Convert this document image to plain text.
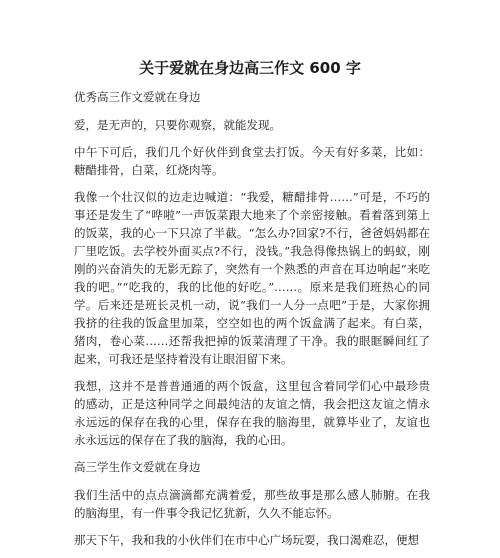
关于爱就在身边高三作文 600 字

优秀高三作文爱就在身边

爱，是无声的，只要你观察，就能发现。

中午下可后，我们几个好伙伴到食堂去打饭。今天有好多菜，比如：糖醋排骨，白菜，红烧肉等。

我像一个壮汉似的边走边喊道：“我爱，糖醋排骨……”可是，不巧的事还是发生了“哗啦”一声饭菜跟大地来了个亲密接触。看着落到第上的饭菜，我的心一下只凉了半截。“怎么办?回家?不行，爸爸妈妈都在厂里吃饭。去学校外面买点?不行，没钱。”我急得像热锅上的蚂蚁，刚刚的兴奋消失的无影无踪了，突然有一个熟悉的声音在耳边响起“来吃我的吧。”“吃我的，我的比他的好吃。”……。原来是我们班热心的同学。后来还是班长灵机一动，说“我们一人分一点吧”于是，大家你拥我挤的往我的饭盒里加菜，空空如也的两个饭盒满了起来。有白菜，猪肉，卷心菜……还帮我把掉的饭菜清理了干净。我的眼眶瞬间红了起来，可我还是坚持着没有让眼泪留下来。

我想，这并不是普普通通的两个饭盒，这里包含着同学们心中最珍贵的感动，正是这种同学之间最纯洁的友谊之情，我会把这友谊之情永永远远的保存在我的心里，保存在我的脑海里，就算毕业了，友谊也永永远远的保存在了我的脑海，我的心田。

高三学生作文爱就在身边

我们生活中的点点滴滴都充满着爱，那些故事是那么感人肺腑。在我的脑海里，有一件事令我记忆犹新，久久不能忘怀。

那天下午，我和我的小伙伴们在市中心广场玩耍，我口渴难忍，便想
